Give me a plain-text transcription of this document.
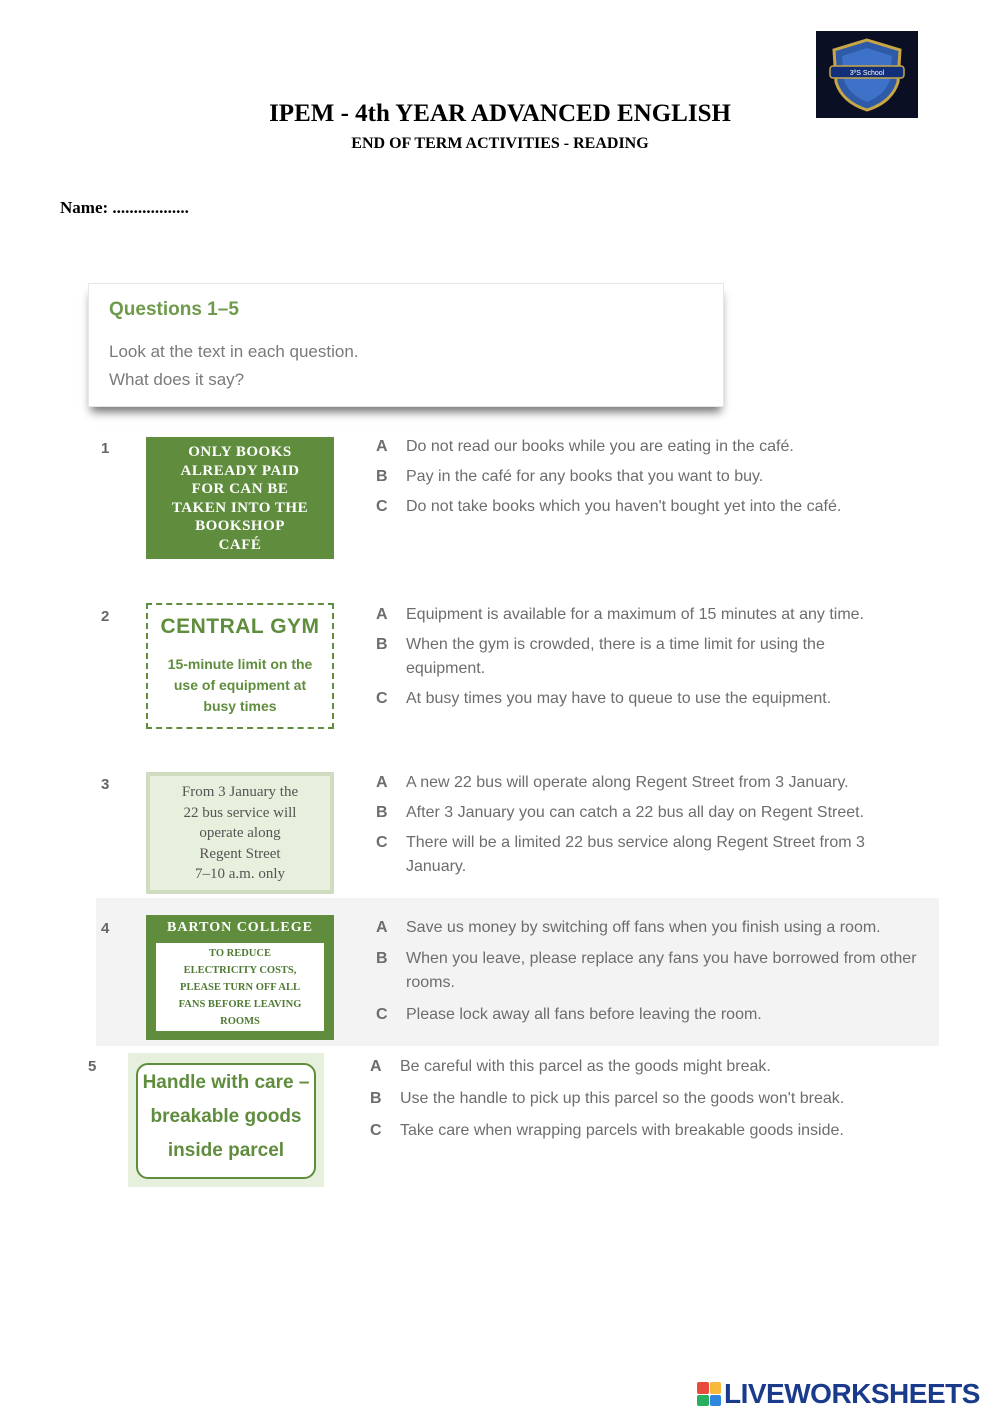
3ºS School
IPEM - 4th YEAR ADVANCED ENGLISH
END OF TERM ACTIVITIES - READING
Name: ..................
Questions 1–5
Look at the text in each question.
What does it say?
1	ONLY BOOKS
ALREADY PAID
FOR CAN BE
TAKEN INTO THE
BOOKSHOP
CAFÉ
A Do not read our books while you are eating in the café.
B Pay in the café for any books that you want to buy.
C Do not take books which you haven't bought yet into the café.
2	CENTRAL GYM
15-minute limit on the
use of equipment at
busy times
A Equipment is available for a maximum of 15 minutes at any time.
B When the gym is crowded, there is a time limit for using the equipment.
C At busy times you may have to queue to use the equipment.
3	From 3 January the
22 bus service will
operate along
Regent Street
7–10 a.m. only
A A new 22 bus will operate along Regent Street from 3 January.
B After 3 January you can catch a 22 bus all day on Regent Street.
C There will be a limited 22 bus service along Regent Street from 3 January.
4	BARTON COLLEGE
TO REDUCE
ELECTRICITY COSTS,
PLEASE TURN OFF ALL
FANS BEFORE LEAVING
ROOMS
A Save us money by switching off fans when you finish using a room.
B When you leave, please replace any fans you have borrowed from other rooms.
C Please lock away all fans before leaving the room.
5
Handle with care –
breakable goods
inside parcel
A Be careful with this parcel as the goods might break.
B Use the handle to pick up this parcel so the goods won't break.
C Take care when wrapping parcels with breakable goods inside.
LIVEWORKSHEETS
